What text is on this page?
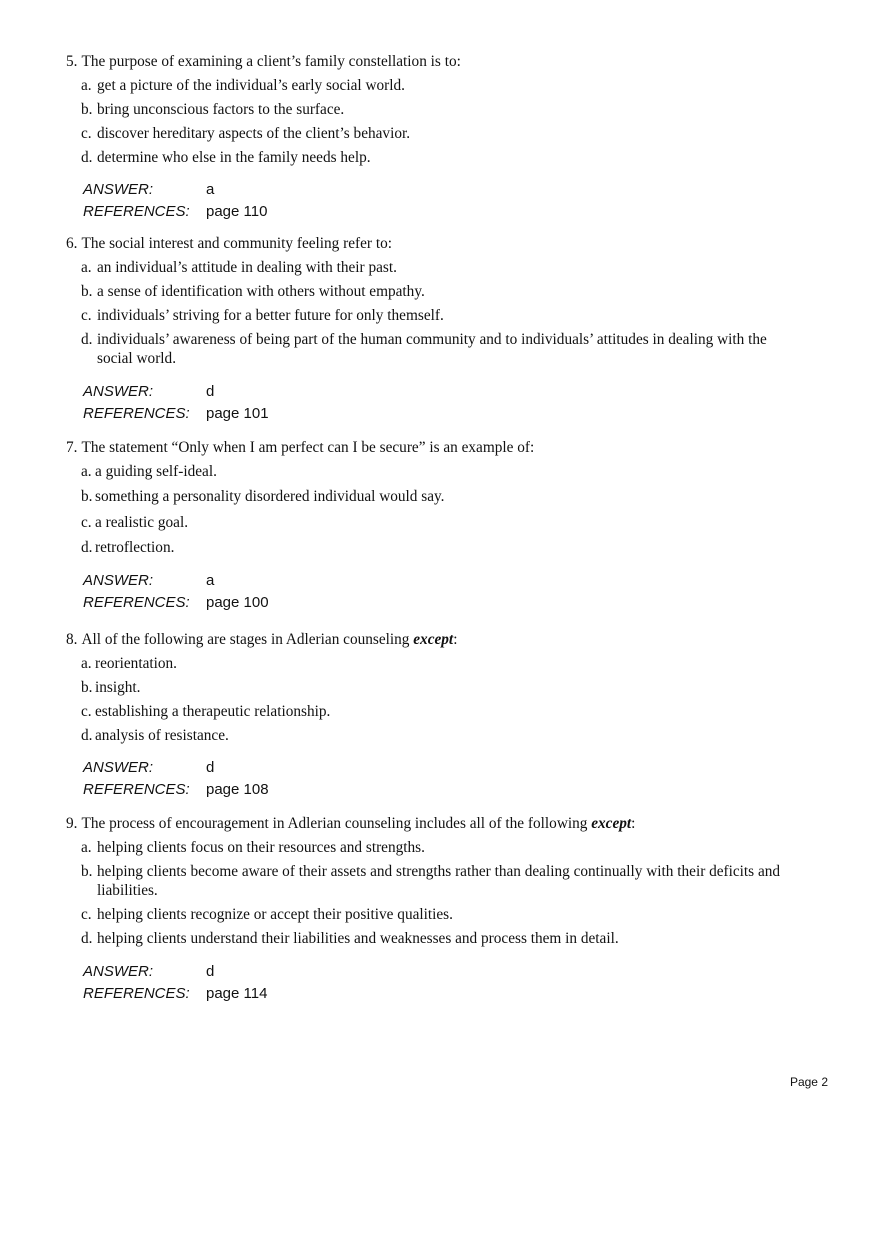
5. The purpose of examining a client’s family constellation is to:

a. get a picture of the individual’s early social world.

b. bring unconscious factors to the surface.

c. discover hereditary aspects of the client’s behavior.

d. determine who else in the family needs help.

ANSWER:	a
REFERENCES:	page 110

6. The social interest and community feeling refer to:

a. an individual’s attitude in dealing with their past.

b. a sense of identification with others without empathy.

c. individuals’ striving for a better future for only themself.

d. individuals’ awareness of being part of the human community and to individuals’ attitudes in dealing with the social world.

ANSWER:	d
REFERENCES:	page 101

7. The statement “Only when I am perfect can I be secure” is an example of:

a. a guiding self-ideal.

b. something a personality disordered individual would say.

c. a realistic goal.

d. retroflection.

ANSWER:	a
REFERENCES:	page 100

8. All of the following are stages in Adlerian counseling except:

a. reorientation.

b. insight.

c. establishing a therapeutic relationship.

d. analysis of resistance.

ANSWER:	d
REFERENCES:	page 108

9. The process of encouragement in Adlerian counseling includes all of the following except:

a. helping clients focus on their resources and strengths.

b. helping clients become aware of their assets and strengths rather than dealing continually with their deficits and liabilities.

c. helping clients recognize or accept their positive qualities.

d. helping clients understand their liabilities and weaknesses and process them in detail.

ANSWER:	d
REFERENCES:	page 114
Page 2
